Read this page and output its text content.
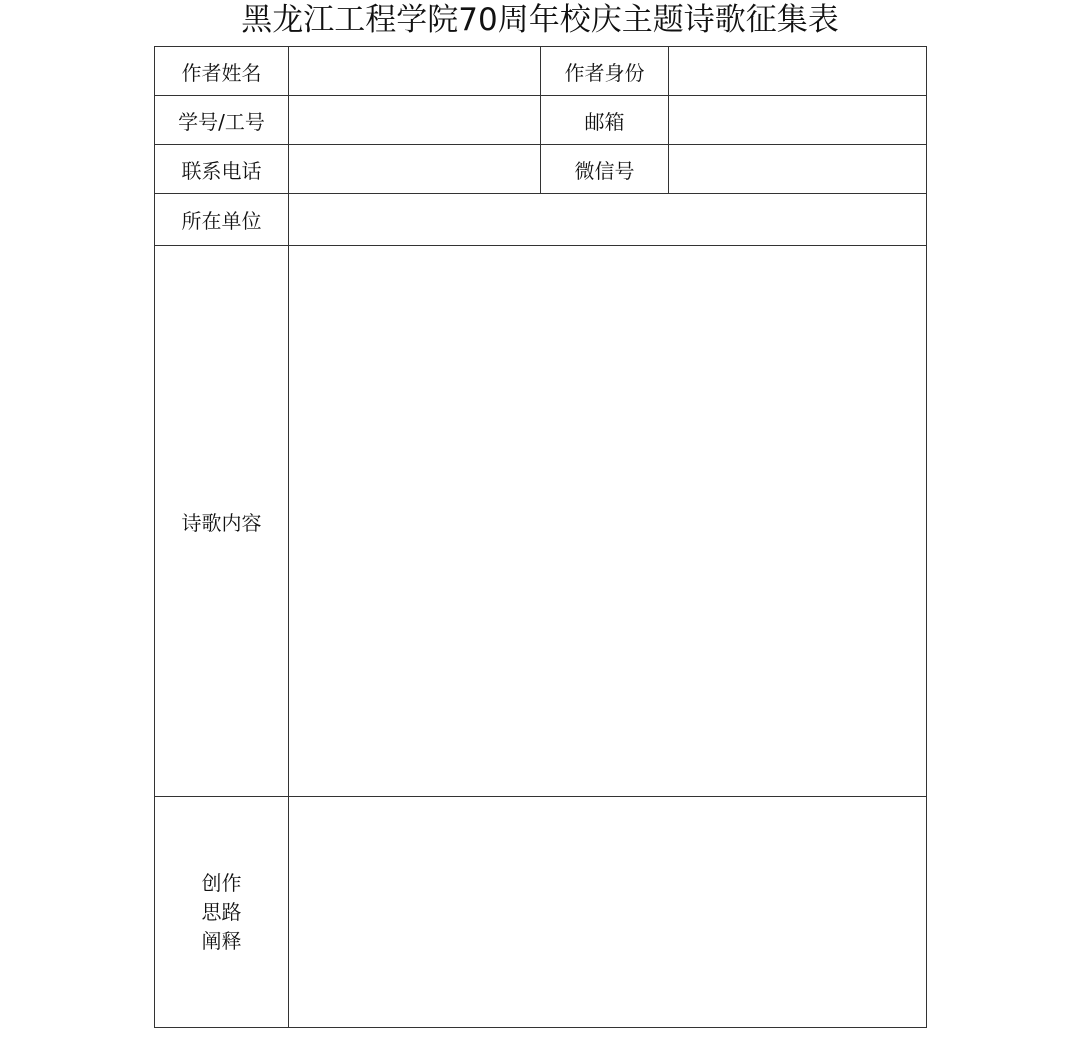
黑龙江工程学院70周年校庆主题诗歌征集表
作者姓名		作者身份	
学号/工号		邮箱	
联系电话		微信号	
所在单位			
诗歌内容			

创作
思路
阐释			
